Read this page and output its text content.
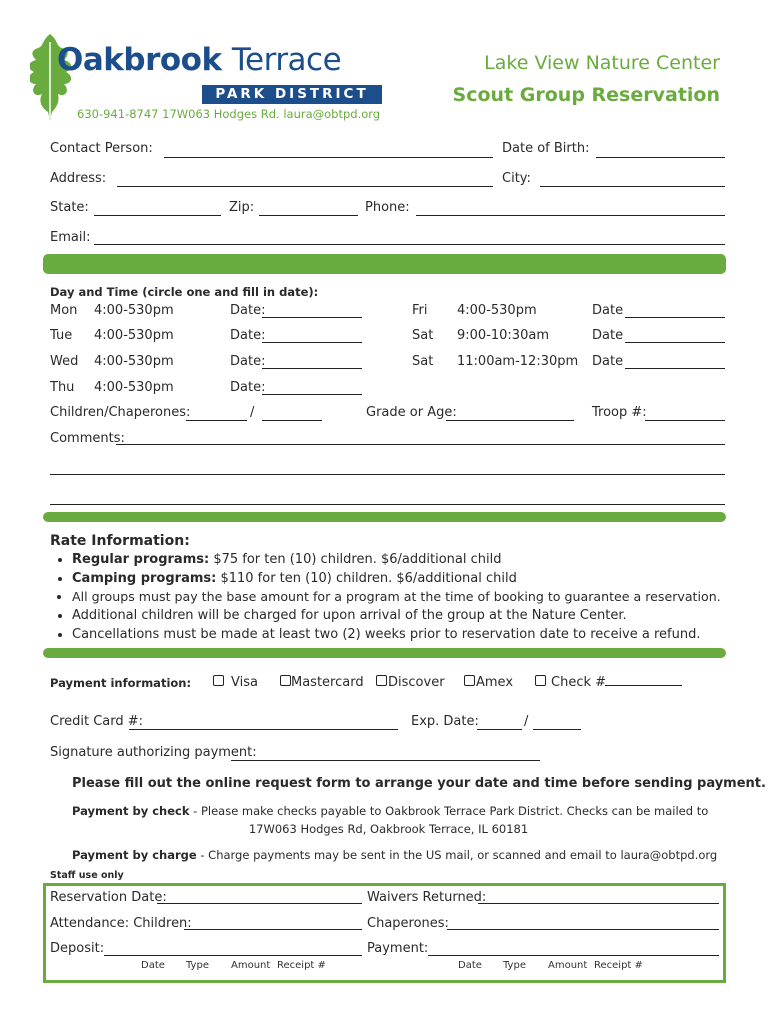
Oakbrook Terrace
PARK DISTRICT
630-941-8747 17W063 Hodges Rd. laura@obtpd.org
Lake View Nature Center
Scout Group Reservation
Contact Person:	Date of Birth:
Address:	City:
State:	Zip:	Phone:
Email:
Day and Time (circle one and fill in date):
Mon 4:00-530pm	Date:
Tue 4:00-530pm	Date:
Wed 4:00-530pm	Date:
Thu 4:00-530pm	Date:
Fri 4:00-530pm	Date
Sat 9:00-10:30am	Date
Sat 11:00am-12:30pm Date
Children/Chaperones:	/	Grade or Age:	Troop #:
Comments:
Rate Information:
• Regular programs: $75 for ten (10) children. $6/additional child
• Camping programs: $110 for ten (10) children. $6/additional child
• All groups must pay the base amount for a program at the time of booking to guarantee a reservation.
• Additional children will be charged for upon arrival of the group at the Nature Center.
• Cancellations must be made at least two (2) weeks prior to reservation date to receive a refund.
Payment information:	Visa	Mastercard Discover Amex	Check #
Credit Card #:	Exp. Date:	/
Signature authorizing payment:
Please fill out the online request form to arrange your date and time before sending payment.
Payment by check - Please make checks payable to Oakbrook Terrace Park District. Checks can be mailed to
17W063 Hodges Rd, Oakbrook Terrace, IL 60181
Payment by charge - Charge payments may be sent in the US mail, or scanned and email to laura@obtpd.org
Staff use only
Reservation Date:	Waivers Returned:
Attendance: Children:	Chaperones:
Deposit:	Payment:
Date Type Amount Receipt #	Date Type Amount Receipt #
